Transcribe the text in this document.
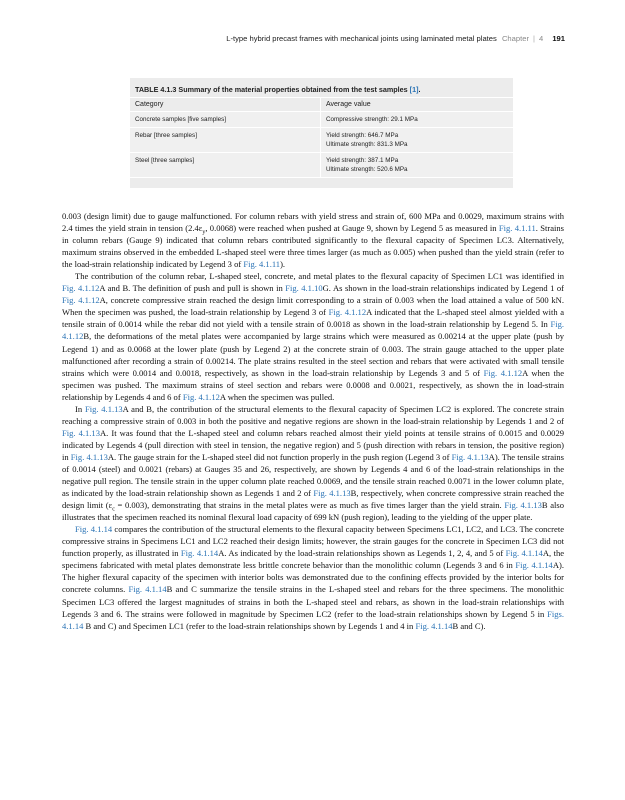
L-type hybrid precast frames with mechanical joints using laminated metal plates Chapter | 4 191
TABLE 4.1.3 Summary of the material properties obtained from the test samples [1].
Category	Average value
Concrete samples [five samples]	Compressive strength: 29.1 MPa
Rebar [three samples]	Yield strength: 646.7 MPa
Ultimate strength: 831.3 MPa
Steel [three samples]	Yield strength: 387.1 MPa
Ultimate strength: 520.6 MPa

0.003 (design limit) due to gauge malfunctioned. For column rebars with yield stress and strain of, 600 MPa and 0.0029, maximum strains with 2.4 times the yield strain in tension ($2.4\varepsilon_y$, 0.0068) were reached when pushed at Gauge 9, shown by Legend 5 as measured in Fig. 4.1.11. Strains in column rebars (Gauge 9) indicated that column rebars contributed significantly to the flexural capacity of Specimen LC3. Alternatively, maximum strains observed in the embedded L-shaped steel were three times larger (as much as 0.005) when pushed than the yield strain (refer to the load-strain relationship indicated by Legend 3 of Fig. 4.1.11).

The contribution of the column rebar, L-shaped steel, concrete, and metal plates to the flexural capacity of Specimen LC1 was identified in Fig. 4.1.12A and B. The definition of push and pull is shown in Fig. 4.1.10G. As shown in the load-strain relationships indicated by Legend 1 of Fig. 4.1.12A, concrete compressive strain reached the design limit corresponding to a strain of 0.003 when the load attained a value of 500 kN. When the specimen was pushed, the load-strain relationship by Legend 3 of Fig. 4.1.12A indicated that the L-shaped steel almost yielded with a tensile strain of 0.0014 while the rebar did not yield with a tensile strain of 0.0018 as shown in the load-strain relationship by Legend 5. In Fig. 4.1.12B, the deformations of the metal plates were accompanied by large strains which were measured as 0.00214 at the upper plate (push by Legend 1) and as 0.0068 at the lower plate (push by Legend 2) at the concrete strain of 0.003. The strain gauge attached to the upper plate malfunctioned after recording a strain of 0.00214. The plate strains resulted in the steel section and rebars that were activated with small tensile strains which were 0.0014 and 0.0018, respectively, as shown in the load-strain relationship by Legends 3 and 5 of Fig. 4.1.12A when the specimen was pushed. The maximum strains of steel section and rebars were 0.0008 and 0.0021, respectively, as shown the in load-strain relationship by Legends 4 and 6 of Fig. 4.1.12A when the specimen was pulled.

In Fig. 4.1.13A and B, the contribution of the structural elements to the flexural capacity of Specimen LC2 is explored. The concrete strain reaching a compressive strain of 0.003 in both the positive and negative regions are shown in the load-strain relationship by Legends 1 and 2 of Fig. 4.1.13A. It was found that the L-shaped steel and column rebars reached almost their yield points at tensile strains of 0.0015 and 0.0029 indicated by Legends 4 (pull direction with steel in tension, the negative region) and 5 (push direction with rebars in tension, the positive region) in Fig. 4.1.13A. The gauge strain for the L-shaped steel did not function properly in the push region (Legend 3 of Fig. 4.1.13A). The tensile strains of 0.0014 (steel) and 0.0021 (rebars) at Gauges 35 and 26, respectively, are shown by Legends 4 and 6 of the load-strain relationships in the negative pull region. The tensile strain in the upper column plate reached 0.0069, and the tensile strain reached 0.0071 in the lower column plate, as indicated by the load-strain relationship shown as Legends 1 and 2 of Fig. 4.1.13B, respectively, when concrete compressive strain reached the design limit $(\varepsilon_c = 0.003)$, demonstrating that strains in the metal plates were as much as five times larger than the yield strain. Fig. 4.1.13B also illustrates that the specimen reached its nominal flexural load capacity of 699 kN (push region), leading to the yielding of the upper plate.

Fig. 4.1.14 compares the contribution of the structural elements to the flexural capacity between Specimens LC1, LC2, and LC3. The concrete compressive strains in Specimens LC1 and LC2 reached their design limits; however, the strain gauges for the concrete in Specimen LC3 did not function properly, as illustrated in Fig. 4.1.14A. As indicated by the load-strain relationships shown as Legends 1, 2, 4, and 5 of Fig. 4.1.14A, the specimens fabricated with metal plates demonstrate less brittle concrete behavior than the monolithic column (Legends 3 and 6 in Fig. 4.1.14A). The higher flexural capacity of the specimen with interior bolts was demonstrated due to the confining effects provided by the interior bolts for concrete columns. Fig. 4.1.14B and C summarize the tensile strains in the L-shaped steel and rebars for the three specimens. The monolithic Specimen LC3 offered the largest magnitudes of strains in both the L-shaped steel and rebars, as shown in the load-strain relationships with Legends 3 and 6. The strains were followed in magnitude by Specimen LC2 (refer to the load-strain relationships shown by Legend 5 in Figs. 4.1.14 B and C) and Specimen LC1 (refer to the load-strain relationships shown by Legends 1 and 4 in Fig. 4.1.14B and C).
